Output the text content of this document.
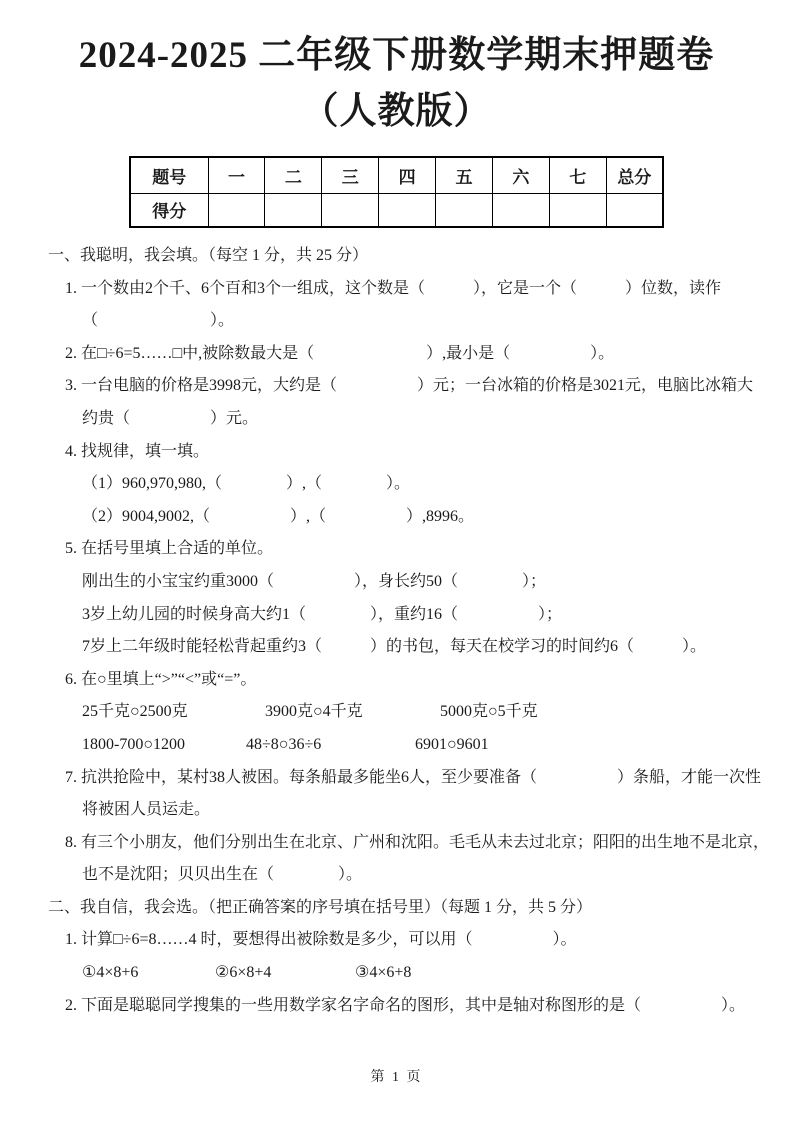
2024-2025 二年级下册数学期末押题卷
（人教版）
题号	一	二	三	四	五	六	七	总分
得分								
一、我聪明，我会填。（每空 1 分，共 25 分）
1. 一个数由2个千、6个百和3个一组成，这个数是（　　　），它是一个（　　　）位数，读作
（　　　　　　　）。
2. 在□÷6=5……□中,被除数最大是（　　　　　　　）,最小是（　　　　　）。
3. 一台电脑的价格是3998元，大约是（　　　　　）元；一台冰箱的价格是3021元，电脑比冰箱大
约贵（　　　　　）元。
4. 找规律，填一填。
（1）960,970,980,（　　　　）,（　　　　）。
（2）9004,9002,（　　　　　）,（　　　　　）,8996。
5. 在括号里填上合适的单位。
刚出生的小宝宝约重3000（　　　　　），身长约50（　　　　）；
3岁上幼儿园的时候身高大约1（　　　　），重约16（　　　　　）；
7岁上二年级时能轻松背起重约3（　　　）的书包，每天在校学习的时间约6（　　　）。
6. 在○里填上“>”“<”或“=”。
25千克○2500克	3900克○4千克	5000克○5千克
1800-700○1200	48÷8○36÷6	6901○9601
7. 抗洪抢险中，某村38人被困。每条船最多能坐6人，至少要准备（　　　　　）条船，才能一次性
将被困人员运走。
8. 有三个小朋友，他们分别出生在北京、广州和沈阳。毛毛从未去过北京；阳阳的出生地不是北京，
也不是沈阳；贝贝出生在（　　　　）。
二、我自信，我会选。（把正确答案的序号填在括号里）（每题 1 分，共 5 分）
1. 计算□÷6=8……4 时，要想得出被除数是多少，可以用（　　　　　）。
①4×8+6	②6×8+4	③4×6+8
2. 下面是聪聪同学搜集的一些用数学家名字命名的图形，其中是轴对称图形的是（　　　　　）。
第 1 页
